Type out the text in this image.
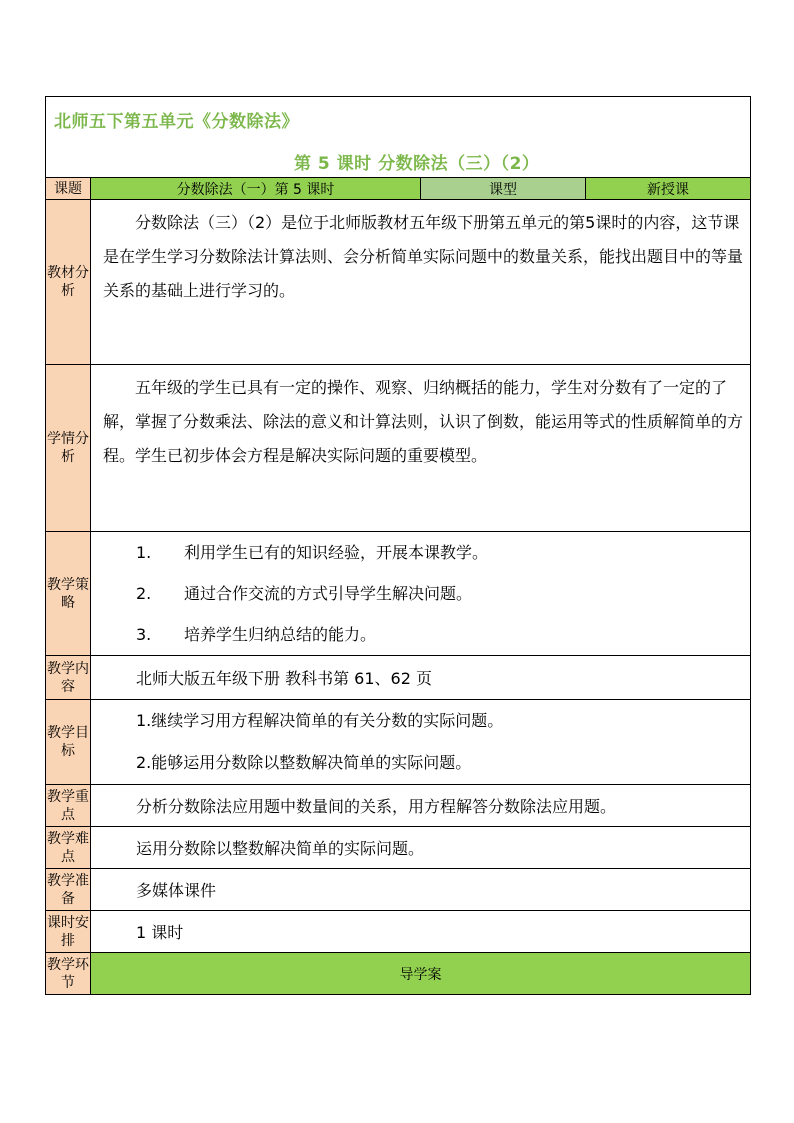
北师五下第五单元《分数除法》
第 5 课时 分数除法（三）（2）			

课题	分数除法（一）第 5 课时	课型	新授课
教材分析	分数除法（三）（2）是位于北师版教材五年级下册第五单元的第5课时的内容，这节课是在学生学习分数除法计算法则、会分析简单实际问题中的数量关系，能找出题目中的等量关系的基础上进行学习的。		

学情分析	五年级的学生已具有一定的操作、观察、归纳概括的能力，学生对分数有了一定的了解，掌握了分数乘法、除法的意义和计算法则，认识了倒数，能运用等式的性质解简单的方程。学生已初步体会方程是解决实际问题的重要模型。		

教学策略	1. 利用学生已有的知识经验，开展本课教学。
2. 通过合作交流的方式引导学生解决问题。
3. 培养学生归纳总结的能力。		

教学内容	北师大版五年级下册 教科书第 61、62 页		
教学目标	1.继续学习用方程解决简单的有关分数的实际问题。
2.能够运用分数除以整数解决简单的实际问题。		

教学重点	分析分数除法应用题中数量间的关系，用方程解答分数除法应用题。		
教学难点	运用分数除以整数解决简单的实际问题。		
教学准备	多媒体课件		
课时安排	1 课时		
教学环节	导学案		
